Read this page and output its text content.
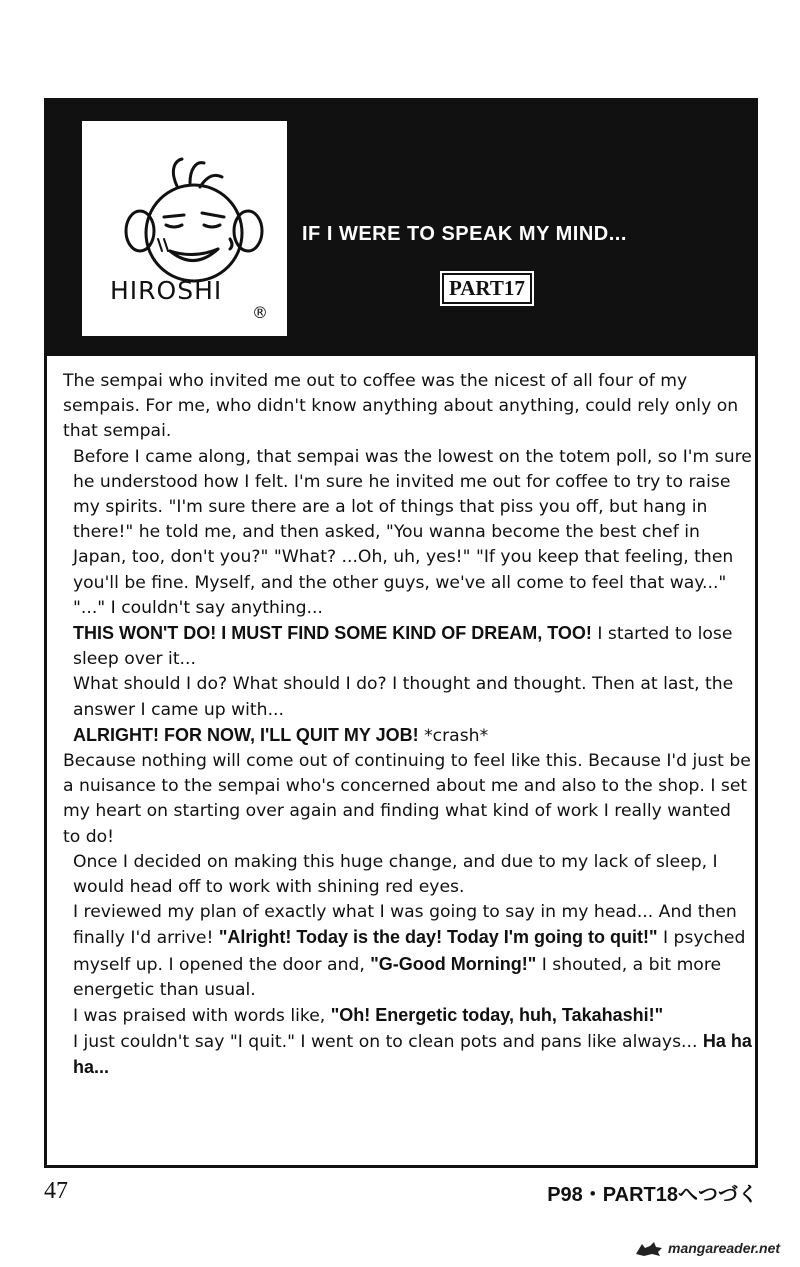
HIROSHI
®
IF I WERE TO SPEAK MY MIND...
PART17

The sempai who invited me out to coffee was the nicest of all four of my sempais. For me, who didn't know anything about anything, could rely only on that sempai.

Before I came along, that sempai was the lowest on the totem poll, so I'm sure he understood how I felt. I'm sure he invited me out for coffee to try to raise my spirits. "I'm sure there are a lot of things that piss you off, but hang in there!" he told me, and then asked, "You wanna become the best chef in Japan, too, don't you?" "What? ...Oh, uh, yes!" "If you keep that feeling, then you'll be fine. Myself, and the other guys, we've all come to feel that way..." "..." I couldn't say anything...

THIS WON'T DO! I MUST FIND SOME KIND OF DREAM, TOO! I started to lose sleep over it...

What should I do? What should I do? I thought and thought. Then at last, the answer I came up with...

ALRIGHT! FOR NOW, I'LL QUIT MY JOB! *crash*

Because nothing will come out of continuing to feel like this. Because I'd just be a nuisance to the sempai who's concerned about me and also to the shop. I set my heart on starting over again and finding what kind of work I really wanted to do!

Once I decided on making this huge change, and due to my lack of sleep, I would head off to work with shining red eyes.

I reviewed my plan of exactly what I was going to say in my head... And then finally I'd arrive! "Alright! Today is the day! Today I'm going to quit!" I psyched myself up. I opened the door and, "G-Good Morning!" I shouted, a bit more energetic than usual.

I was praised with words like, "Oh! Energetic today, huh, Takahashi!"

I just couldn't say "I quit." I went on to clean pots and pans like always... Ha ha ha...

47	P98・PART18へつづく
mangareader.net
